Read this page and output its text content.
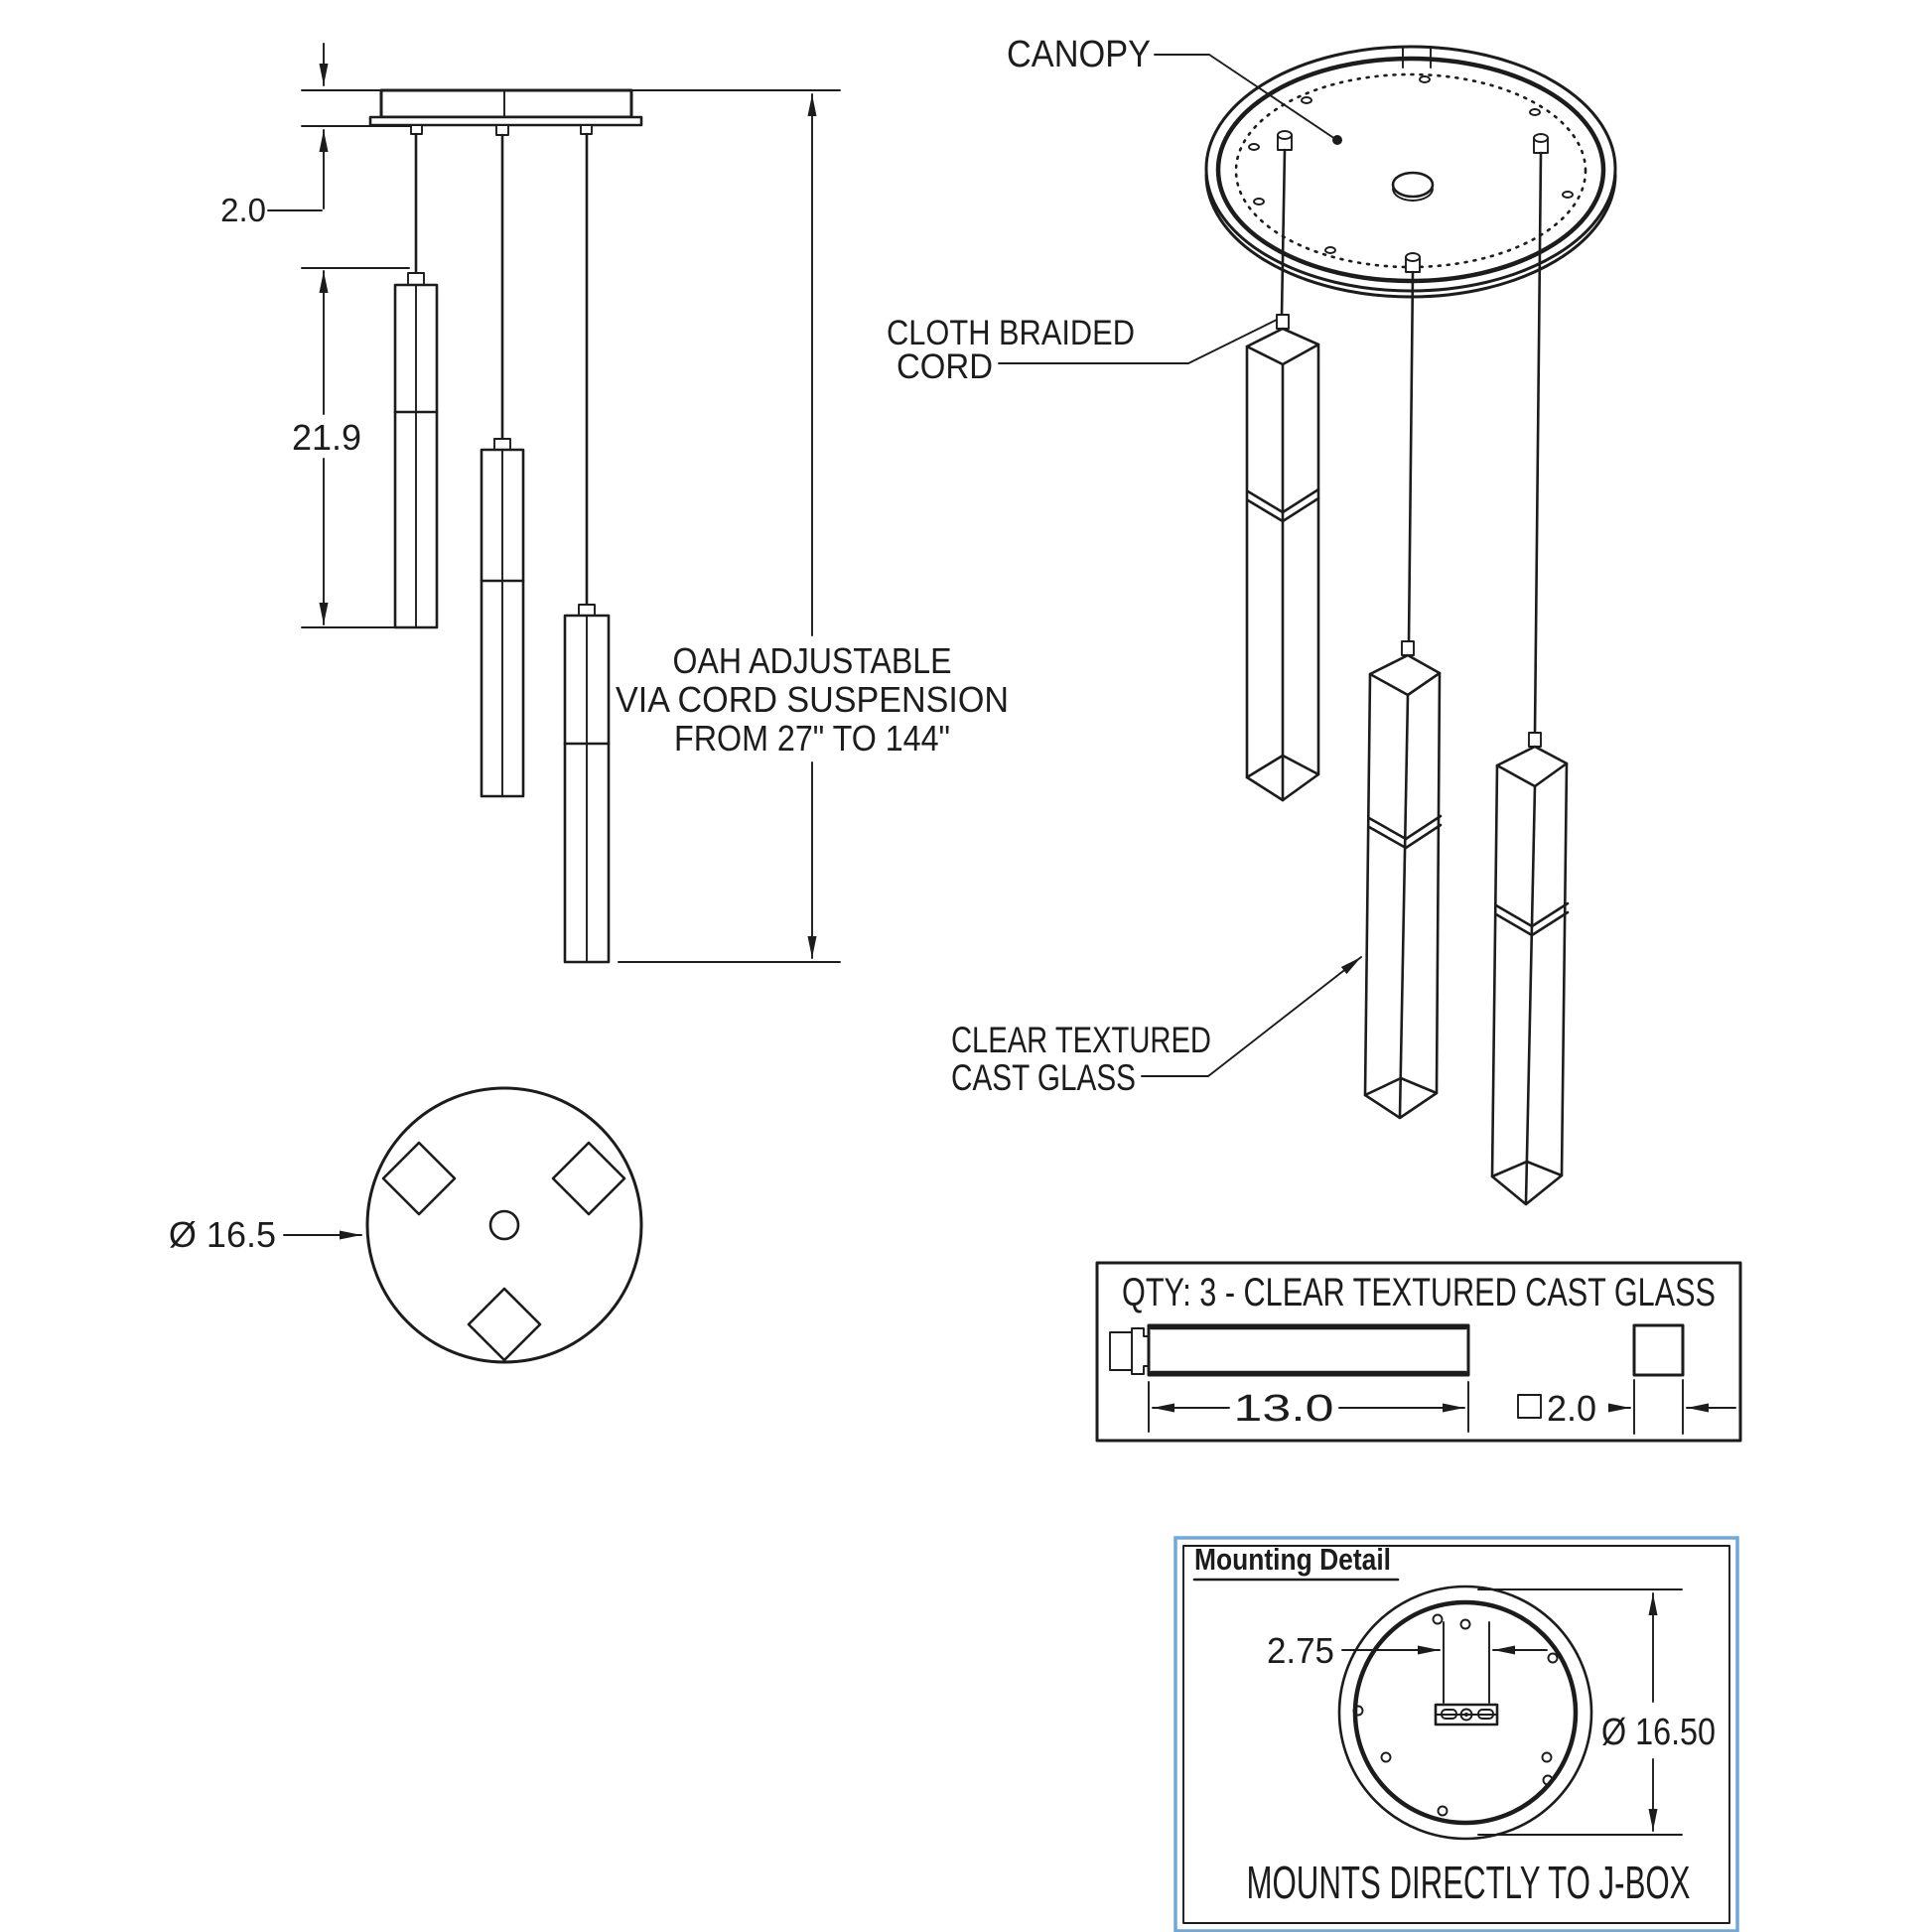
2.0
21.9
OAH ADJUSTABLE
VIA CORD SUSPENSION
FROM 27" TO 144"
CANOPY
CLOTH BRAIDED
CORD
CLEAR TEXTURED
CAST GLASS
Ø 16.5
QTY: 3 - CLEAR TEXTURED CAST GLASS
13.0	2.0
Mounting Detail
2.75
Ø 16.50
MOUNTS DIRECTLY TO J-BOX
